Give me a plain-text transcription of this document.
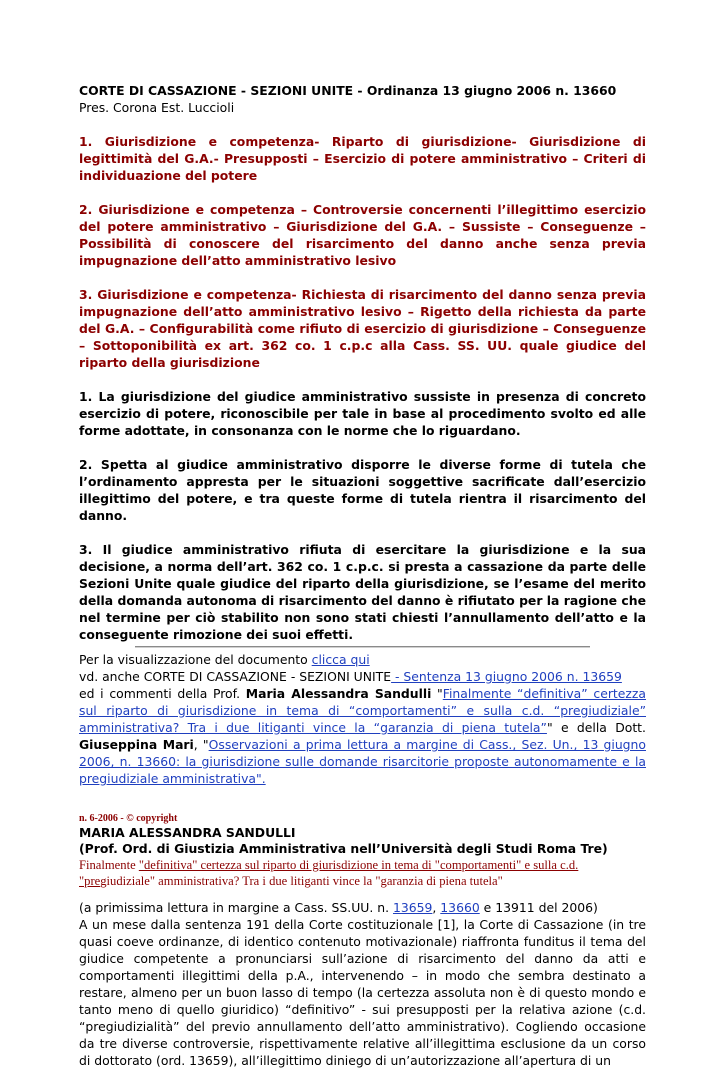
CORTE DI CASSAZIONE - SEZIONI UNITE - Ordinanza 13 giugno 2006 n. 13660

Pres. Corona Est. Luccioli

1. Giurisdizione e competenza- Riparto di giurisdizione- Giurisdizione di legittimità del G.A.- Presupposti – Esercizio di potere amministrativo – Criteri di individuazione del potere

2. Giurisdizione e competenza – Controversie concernenti l’illegittimo esercizio del potere amministrativo – Giurisdizione del G.A. – Sussiste – Conseguenze – Possibilità di conoscere del risarcimento del danno anche senza previa impugnazione dell’atto amministrativo lesivo

3. Giurisdizione e competenza- Richiesta di risarcimento del danno senza previa impugnazione dell’atto amministrativo lesivo – Rigetto della richiesta da parte del G.A. – Configurabilità come rifiuto di esercizio di giurisdizione – Conseguenze – Sottoponibilità ex art. 362 co. 1 c.p.c alla Cass. SS. UU. quale giudice del riparto della giurisdizione

1. La giurisdizione del giudice amministrativo sussiste in presenza di concreto esercizio di potere, riconoscibile per tale in base al procedimento svolto ed alle forme adottate, in consonanza con le norme che lo riguardano.

2. Spetta al giudice amministrativo disporre le diverse forme di tutela che l’ordinamento appresta per le situazioni soggettive sacrificate dall’esercizio illegittimo del potere, e tra queste forme di tutela rientra il risarcimento del danno.

3. Il giudice amministrativo rifiuta di esercitare la giurisdizione e la sua decisione, a norma dell’art. 362 co. 1 c.p.c. si presta a cassazione da parte delle Sezioni Unite quale giudice del riparto della giurisdizione, se l’esame del merito della domanda autonoma di risarcimento del danno è rifiutato per la ragione che nel termine per ciò stabilito non sono stati chiesti l’annullamento dell’atto e la conseguente rimozione dei suoi effetti.

Per la visualizzazione del documento clicca qui

vd. anche CORTE DI CASSAZIONE - SEZIONI UNITE - Sentenza 13 giugno 2006 n. 13659
ed i commenti della Prof. Maria Alessandra Sandulli "Finalmente “definitiva” certezza sul riparto di giurisdizione in tema di “comportamenti” e sulla c.d. “pregiudiziale” amministrativa? Tra i due litiganti vince la “garanzia di piena tutela”" e della Dott. Giuseppina Mari, "Osservazioni a prima lettura a margine di Cass., Sez. Un., 13 giugno 2006, n. 13660: la giurisdizione sulle domande risarcitorie proposte autonomamente e la pregiudiziale amministrativa".

n. 6-2006 - © copyright

MARIA ALESSANDRA SANDULLI

(Prof. Ord. di Giustizia Amministrativa nell’Università degli Studi Roma Tre)

Finalmente "definitiva" certezza sul riparto di giurisdizione in tema di "comportamenti" e sulla c.d. "pregiudiziale" amministrativa? Tra i due litiganti vince la "garanzia di piena tutela"

(a primissima lettura in margine a Cass. SS.UU. n. 13659, 13660 e 13911 del 2006)

A un mese dalla sentenza 191 della Corte costituzionale [1], la Corte di Cassazione (in tre quasi coeve ordinanze, di identico contenuto motivazionale) riaffronta funditus il tema del giudice competente a pronunciarsi sull’azione di risarcimento del danno da atti e comportamenti illegittimi della p.A., intervenendo – in modo che sembra destinato a restare, almeno per un buon lasso di tempo (la certezza assoluta non è di questo mondo e tanto meno di quello giuridico) “definitivo” - sui presupposti per la relativa azione (c.d. “pregiudizialità” del previo annullamento dell’atto amministrativo). Cogliendo occasione da tre diverse controversie, rispettivamente relative all’illegittima esclusione da un corso di dottorato (ord. 13659), all’illegittimo diniego di un’autorizzazione all’apertura di un
